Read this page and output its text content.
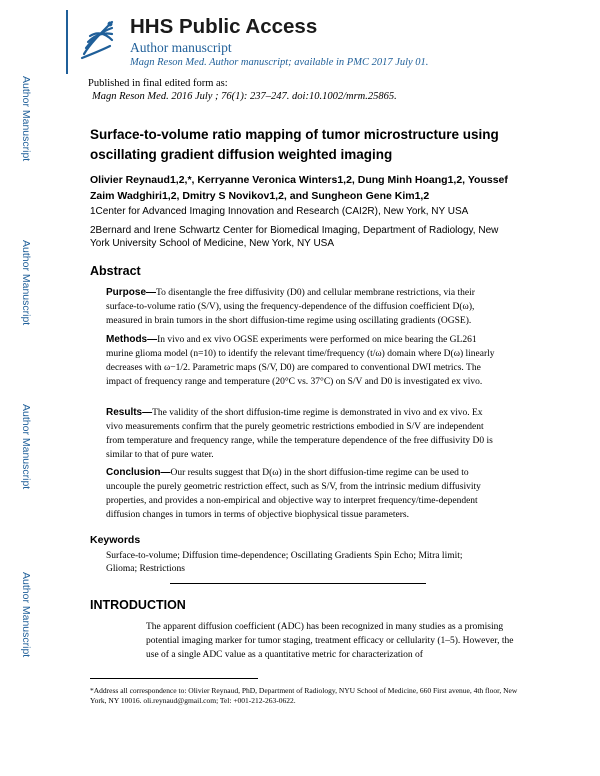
Author Manuscript
Author Manuscript
Author Manuscript
Author Manuscript
HHS Public Access
Author manuscript
Magn Reson Med. Author manuscript; available in PMC 2017 July 01.
Published in final edited form as:
Magn Reson Med. 2016 July ; 76(1): 237–247. doi:10.1002/mrm.25865.
Surface-to-volume ratio mapping of tumor microstructure using oscillating gradient diffusion weighted imaging
Olivier Reynaud1,2,*, Kerryanne Veronica Winters1,2, Dung Minh Hoang1,2, Youssef Zaim Wadghiri1,2, Dmitry S Novikov1,2, and Sungheon Gene Kim1,2
1Center for Advanced Imaging Innovation and Research (CAI2R), New York, NY USA
2Bernard and Irene Schwartz Center for Biomedical Imaging, Department of Radiology, New York University School of Medicine, New York, NY USA
Abstract
Purpose—To disentangle the free diffusivity (D0) and cellular membrane restrictions, via their surface-to-volume ratio (S/V), using the frequency-dependence of the diffusion coefficient D(ω), measured in brain tumors in the short diffusion-time regime using oscillating gradients (OGSE).
Methods—In vivo and ex vivo OGSE experiments were performed on mice bearing the GL261 murine glioma model (n=10) to identify the relevant time/frequency (t/ω) domain where D(ω) linearly decreases with ω−1/2. Parametric maps (S/V, D0) are compared to conventional DWI metrics. The impact of frequency range and temperature (20°C vs. 37°C) on S/V and D0 is investigated ex vivo.
Results—The validity of the short diffusion-time regime is demonstrated in vivo and ex vivo. Ex vivo measurements confirm that the purely geometric restrictions embodied in S/V are independent from temperature and frequency range, while the temperature dependence of the free diffusivity D0 is similar to that of pure water.
Conclusion—Our results suggest that D(ω) in the short diffusion-time regime can be used to uncouple the purely geometric restriction effect, such as S/V, from the intrinsic medium diffusivity properties, and provides a non-empirical and objective way to interpret frequency/time-dependent diffusion changes in tumors in terms of objective biophysical tissue parameters.
Keywords
Surface-to-volume; Diffusion time-dependence; Oscillating Gradients Spin Echo; Mitra limit; Glioma; Restrictions
INTRODUCTION
The apparent diffusion coefficient (ADC) has been recognized in many studies as a promising potential imaging marker for tumor staging, treatment efficacy or cellularity (1–5). However, the use of a single ADC value as a quantitative metric for characterization of
*Address all correspondence to: Olivier Reynaud, PhD, Department of Radiology, NYU School of Medicine, 660 First avenue, 4th floor, New York, NY 10016. oli.reynaud@gmail.com; Tel: +001-212-263-0622.
